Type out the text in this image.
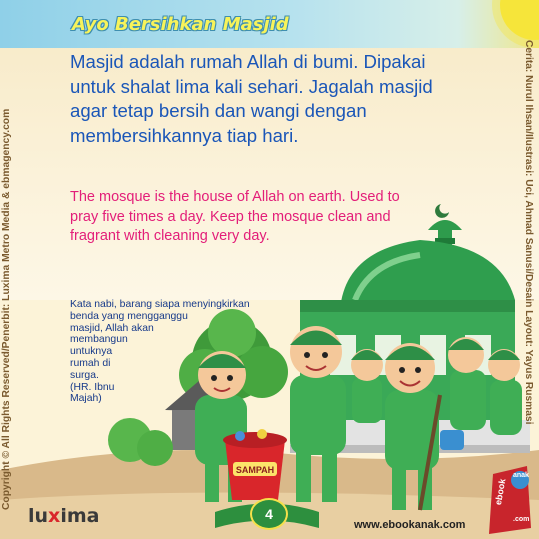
Ayo Bersihkan Masjid
SAMPAH

Masjid adalah rumah Allah di bumi. Dipakai untuk shalat lima kali sehari. Jagalah masjid agar tetap bersih dan wangi dengan membersihkannya tiap hari.

The mosque is the house of Allah on earth. Used to pray five times a day. Keep the mosque clean and fragrant with cleaning very day.

Kata nabi, barang siapa menyingkirkan
benda yang mengganggu
masjid, Allah akan
membangun
untuknya
rumah di
surga.
(HR. Ibnu
Majah)

Copyright © All Rights Reserved/Penerbit: Luxima Metro Media & ebmagency.com	Cerita: Nurul Ihsan/Ilustrasi: Uci, Ahmad Sanusi/Desain Layout: Yayus Rusmasi
luxima	4
www.ebookanak.com
ebook
anak
.com
